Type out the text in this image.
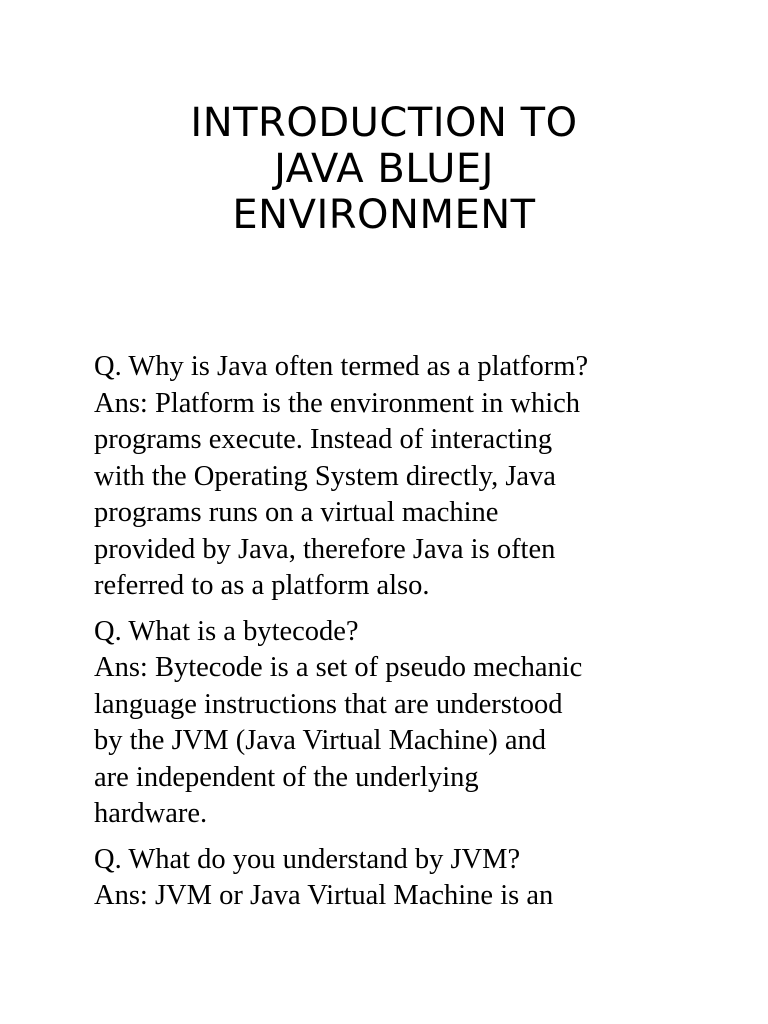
INTRODUCTION TO
JAVA BLUEJ
ENVIRONMENT
Q. Why is Java often termed as a platform?
Ans: Platform is the environment in which
programs execute. Instead of interacting
with the Operating System directly, Java
programs runs on a virtual machine
provided by Java, therefore Java is often
referred to as a platform also.
Q. What is a bytecode?
Ans: Bytecode is a set of pseudo mechanic
language instructions that are understood
by the JVM (Java Virtual Machine) and
are independent of the underlying
hardware.
Q. What do you understand by JVM?
Ans: JVM or Java Virtual Machine is an
